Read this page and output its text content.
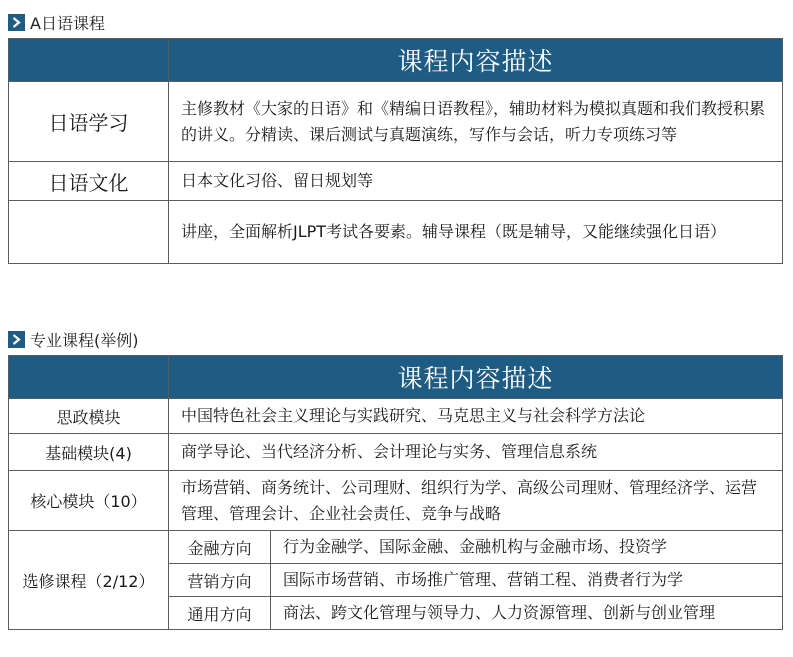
A日语课程
	课程内容描述
日语学习	主修教材《大家的日语》和《精编日语教程》，辅助材料为模拟真题和我们教授积累的讲义。分精读、课后测试与真题演练，写作与会话，听力专项练习等
日语文化	日本文化习俗、留日规划等
	讲座，全面解析JLPT考试各要素。辅导课程（既是辅导，又能继续强化日语）
专业课程(举例)
	课程内容描述	
思政模块	中国特色社会主义理论与实践研究、马克思主义与社会科学方法论	
基础模块(4)	商学导论、当代经济分析、会计理论与实务、管理信息系统	
核心模块（10）	市场营销、商务统计、公司理财、组织行为学、高级公司理财、管理经济学、运营管理、管理会计、企业社会责任、竞争与战略	
选修课程（2/12）	金融方向	行为金融学、国际金融、金融机构与金融市场、投资学
	营销方向	国际市场营销、市场推广管理、营销工程、消费者行为学
	通用方向	商法、跨文化管理与领导力、人力资源管理、创新与创业管理
